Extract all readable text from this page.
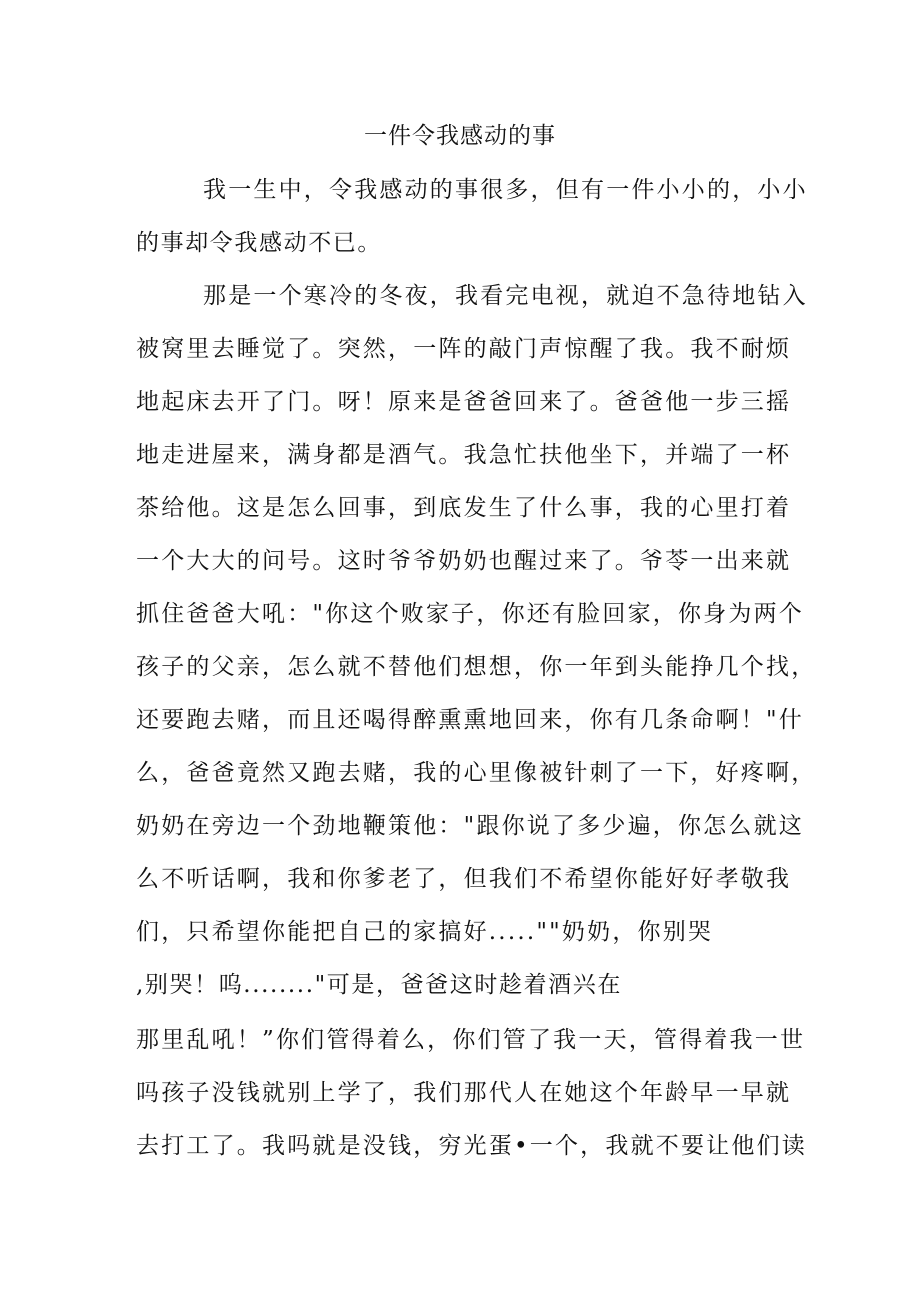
一件令我感动的事
我一生中，令我感动的事很多，但有一件小小的，小小
的事却令我感动不已。
那是一个寒冷的冬夜，我看完电视，就迫不急待地钻入
被窝里去睡觉了。突然，一阵的敲门声惊醒了我。我不耐烦
地起床去开了门。呀！原来是爸爸回来了。爸爸他一步三摇
地走进屋来，满身都是酒气。我急忙扶他坐下，并端了一杯
茶给他。这是怎么回事，到底发生了什么事，我的心里打着
一个大大的问号。这时爷爷奶奶也醒过来了。爷苓一出来就
抓住爸爸大吼："你这个败家子，你还有脸回家，你身为两个
孩子的父亲，怎么就不替他们想想，你一年到头能挣几个找，
还要跑去赌，而且还喝得醉熏熏地回来，你有几条命啊！"什
么，爸爸竟然又跑去赌，我的心里像被针刺了一下，好疼啊，
奶奶在旁边一个劲地鞭策他："跟你说了多少遍，你怎么就这
么不听话啊，我和你爹老了，但我们不希望你能好好孝敬我
们，只希望你能把自己的家搞好.....""奶奶，你别哭
,别哭！呜........"可是，爸爸这时趁着酒兴在
那里乱吼！”你们管得着么，你们管了我一天，管得着我一世
吗孩子没钱就别上学了，我们那代人在她这个年龄早一早就
去打工了。我吗就是没钱，穷光蛋•一个，我就不要让他们读
